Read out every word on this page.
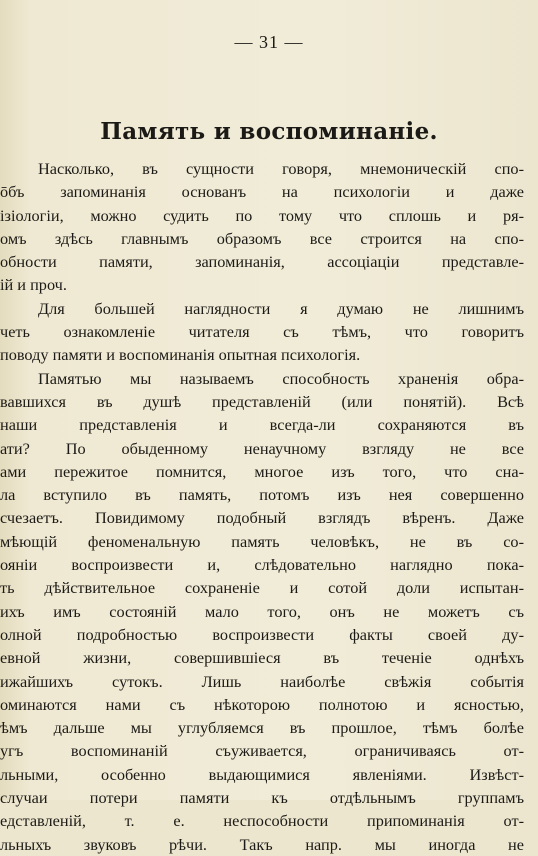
— 31 —
Память и воспоминаніе.
Насколько, въ сущности говоря, мнемоническій спо-
ōбъ запоминанія основанъ на психологіи и даже
ізіологіи, можно судить по тому что сплошь и ря-
омъ здѣсь главнымъ образомъ все строится на спо-
обности памяти, запоминанія, ассоціаціи представле-
ій и проч.
Для большей наглядности я думаю не лишнимъ
четь ознакомленіе читателя съ тѣмъ, что говоритъ
поводу памяти и воспоминанія опытная психологія.
Памятью мы называемъ способность храненія обра-
вавшихся въ душѣ представленій (или понятій). Всѣ
наши представленія и всегда-ли сохраняются въ
ати? По обыденному ненаучному взгляду не все
ами пережитое помнится, многое изъ того, что сна-
ла вступило въ память, потомъ изъ нея совершенно
счезаетъ. Повидимому подобный взглядъ вѣренъ. Даже
мѣющій феноменальную память человѣкъ, не въ со-
ояніи воспроизвести и, слѣдовательно наглядно пока-
ть дѣйствительное сохраненіе и сотой доли испытан-
ихъ имъ состояній мало того, онъ не можетъ съ
олной подробностью воспроизвести факты своей ду-
евной жизни, совершившіеся въ теченіе однѣхъ
ижайшихъ сутокъ. Лишь наиболѣе свѣжія событія
оминаются нами съ нѣкоторою полнотою и ясностью,
ѣмъ дальше мы углубляемся въ прошлое, тѣмъ болѣе
угъ воспоминаній съуживается, ограничиваясь от-
льными, особенно выдающимися явленіями. Извѣст-
случаи потери памяти къ отдѣльнымъ группамъ
едставленій, т. е. неспособности припоминанія от-
льныхъ звуковъ рѣчи. Такъ напр. мы иногда не
